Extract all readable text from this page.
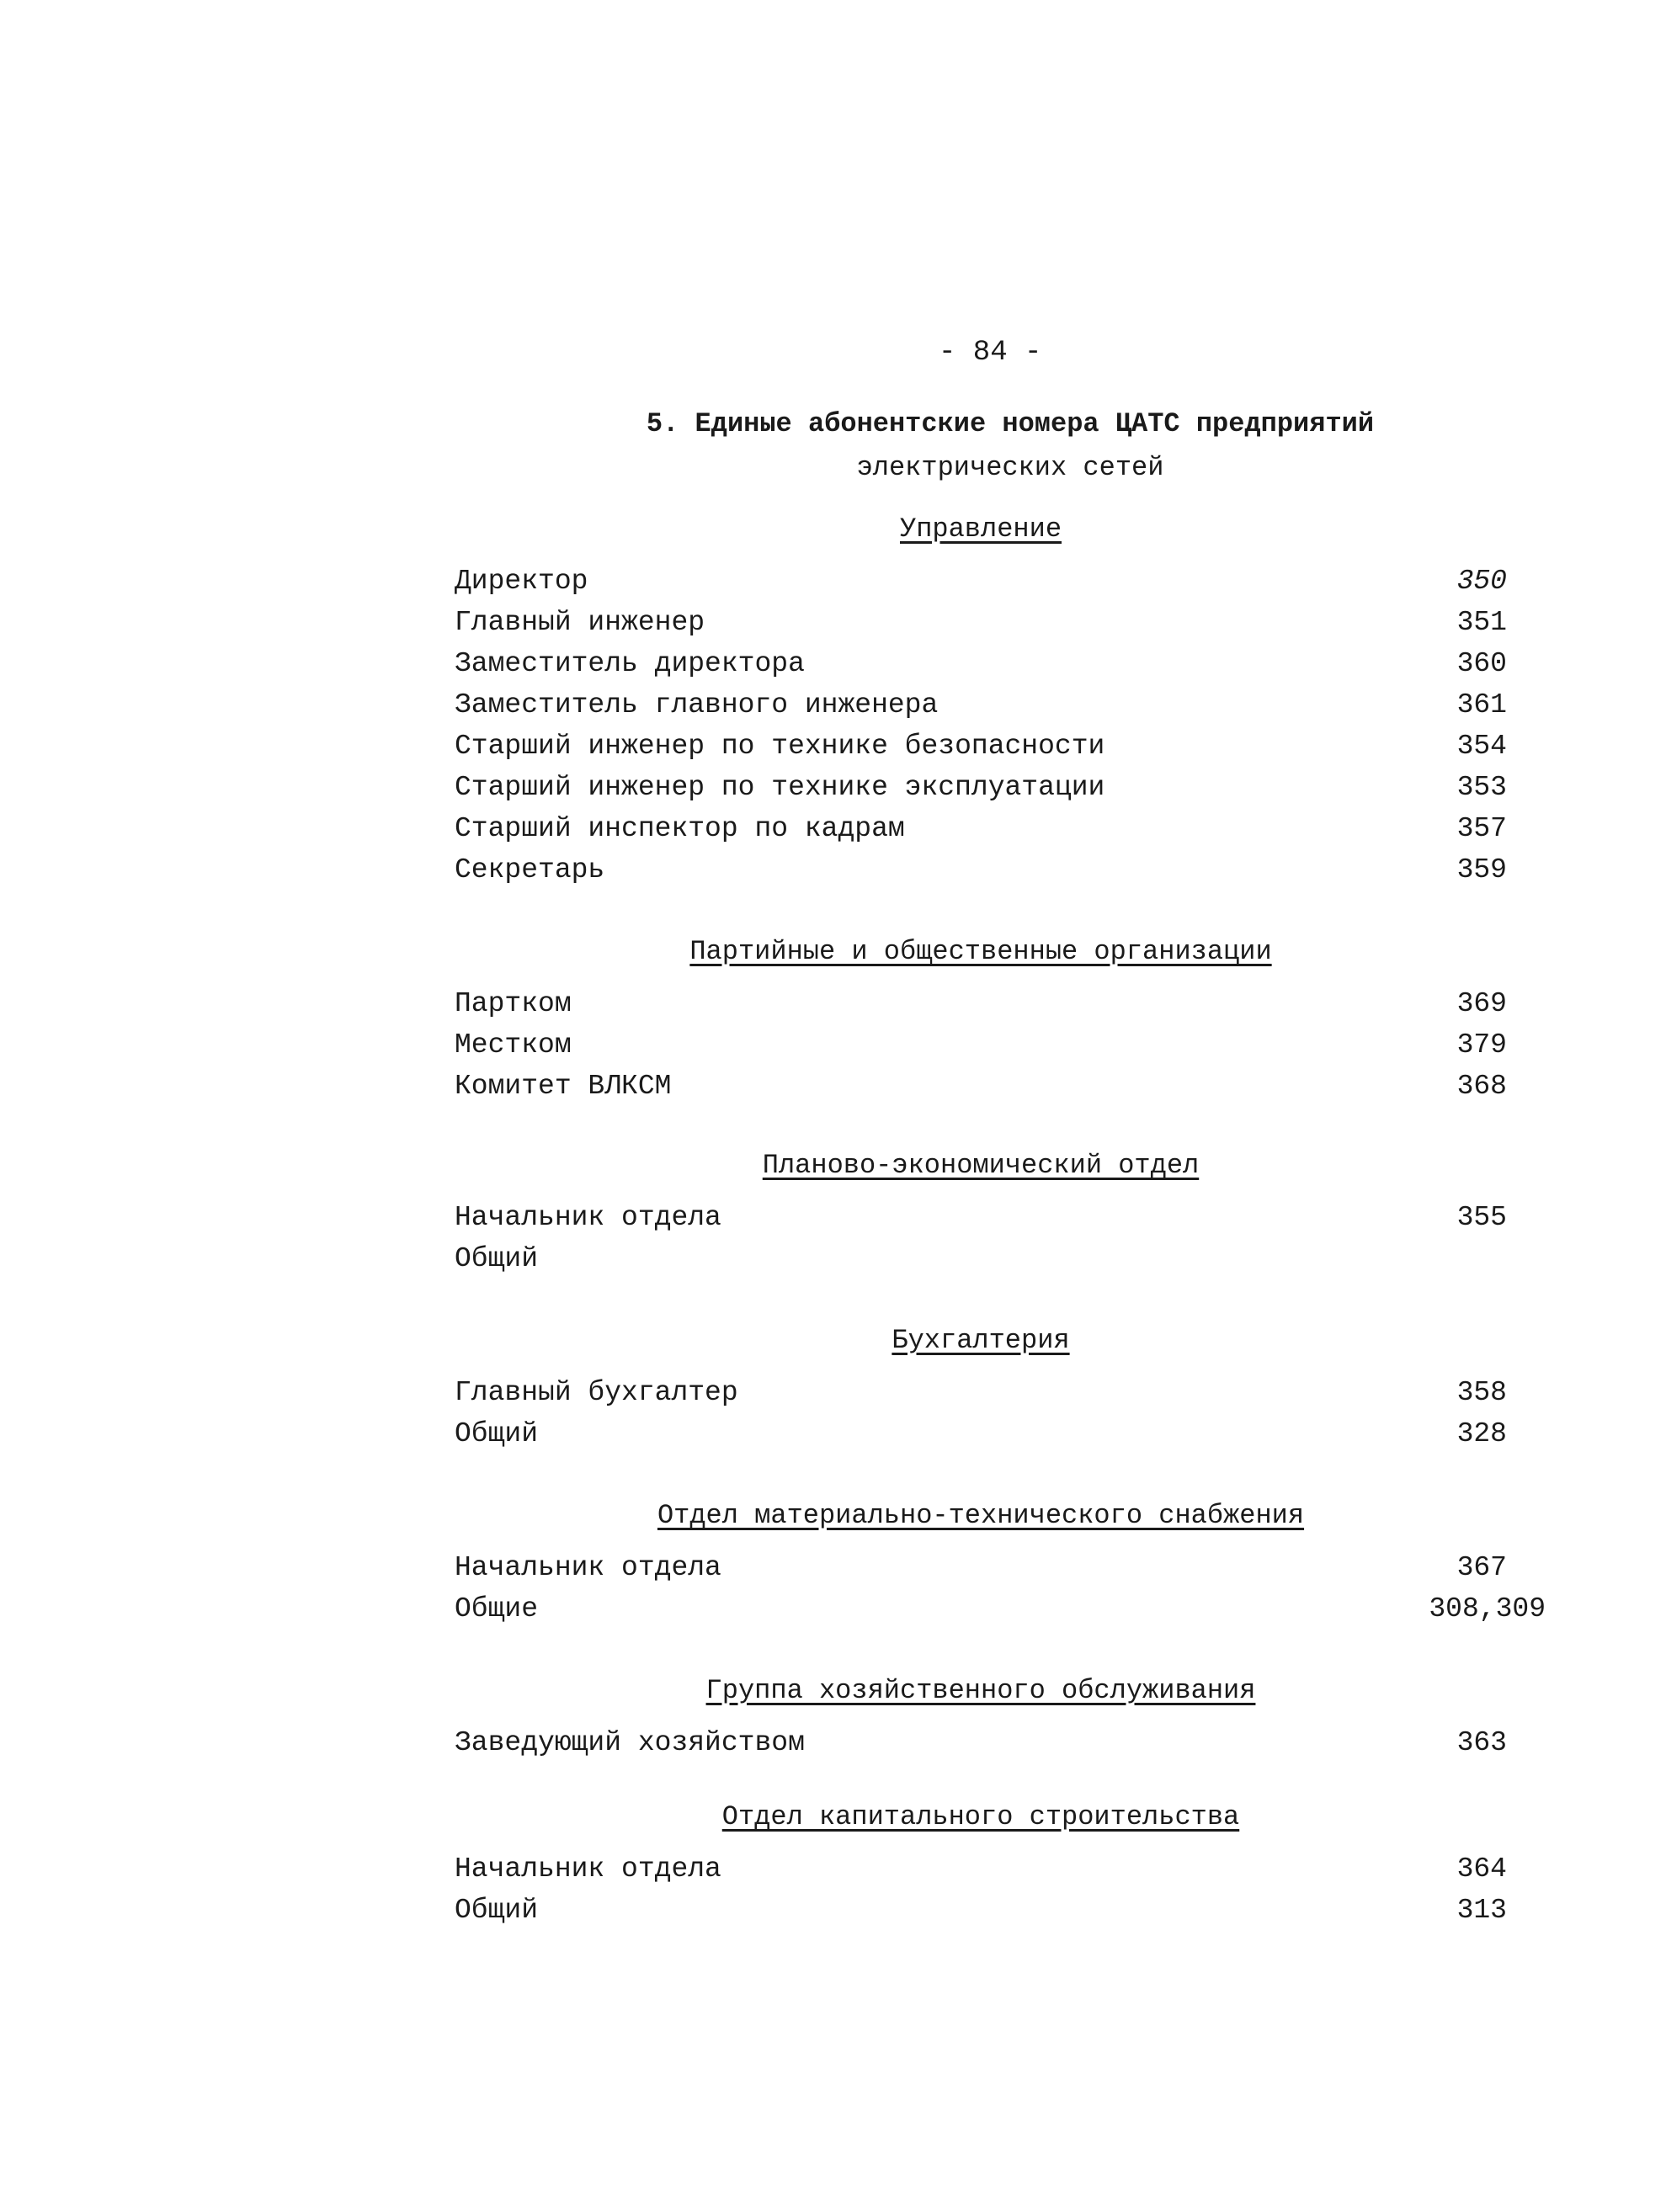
- 84 -
5. Единые абонентские номера ЦАТС предприятий
электрических сетей
Управление
Директор	350
Главный инженер	351
Заместитель директора	360
Заместитель главного инженера	361
Старший инженер по технике безопасности	354
Старший инженер по технике эксплуатации	353
Старший инспектор по кадрам	357
Секретарь	359
Партийные и общественные организации
Партком	369
Местком	379
Комитет ВЛКСМ	368
Планово-экономический отдел
Начальник отдела	355
Общий
Бухгалтерия
Главный бухгалтер	358
Общий	328
Отдел материально-технического снабжения
Начальник отдела	367
Общие	308,309
Группа хозяйственного обслуживания
Заведующий хозяйством	363
Отдел капитального строительства
Начальник отдела	364
Общий	313
